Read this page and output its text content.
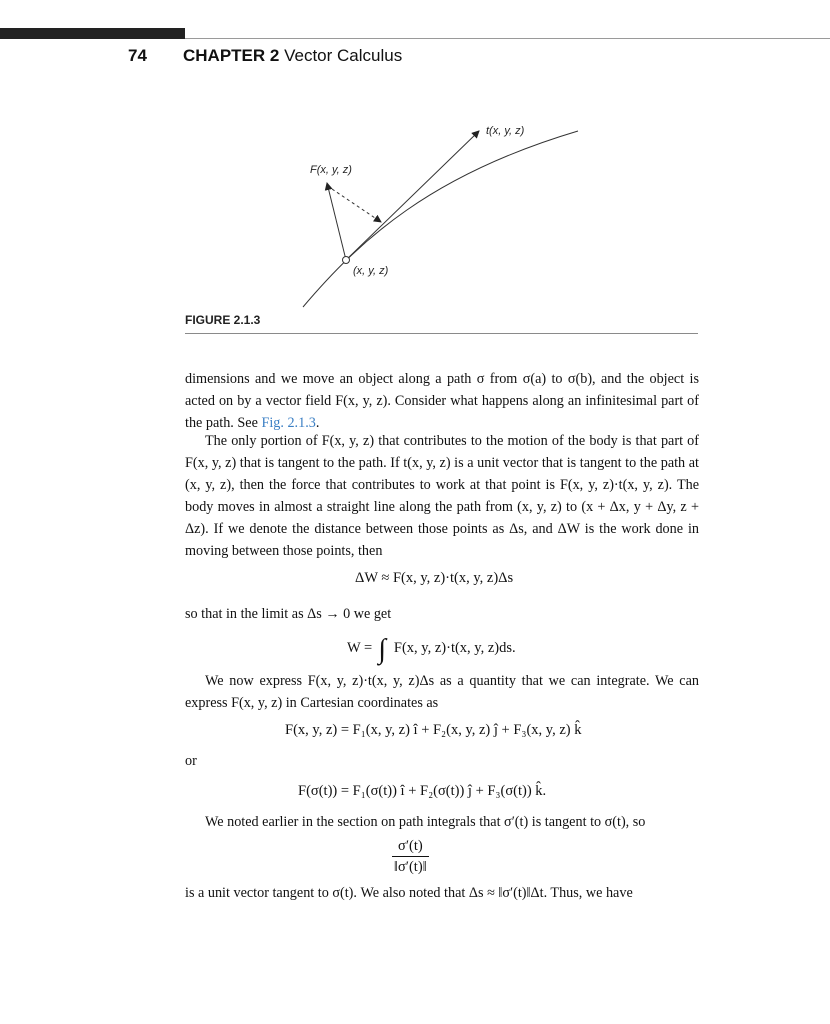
74 CHAPTER 2 Vector Calculus
t(x, y, z)
F(x, y, z)
(x, y, z)
FIGURE 2.1.3
dimensions and we move an object along a path σ from σ(a) to σ(b), and the object is acted on by a vector field F(x, y, z). Consider what happens along an infinitesimal part of the path. See Fig. 2.1.3.
The only portion of F(x, y, z) that contributes to the motion of the body is that part of F(x, y, z) that is tangent to the path. If t(x, y, z) is a unit vector that is tangent to the path at (x, y, z), then the force that contributes to work at that point is F(x, y, z)·t(x, y, z). The body moves in almost a straight line along the path from (x, y, z) to (x + Δx, y + Δy, z + Δz). If we denote the distance between those points as Δs, and ΔW is the work done in moving between those points, then
ΔW ≈ F(x, y, z)·t(x, y, z)Δs
so that in the limit as Δs → 0 we get
W = ∫ F(x, y, z)·t(x, y, z)ds.
We now express F(x, y, z)·t(x, y, z)Δs as a quantity that we can integrate. We can express F(x, y, z) in Cartesian coordinates as
F(x, y, z) = F₁(x, y, z) î + F₂(x, y, z) ĵ + F₃(x, y, z) k̂
or
F(σ(t)) = F₁(σ(t)) î + F₂(σ(t)) ĵ + F₃(σ(t)) k̂.
We noted earlier in the section on path integrals that σ′(t) is tangent to σ(t), so
$\frac{\sigma'(t)}{‖\sigma'(t)‖}$
is a unit vector tangent to σ(t). We also noted that Δs ≈ ‖σ′(t)‖Δt. Thus, we have
